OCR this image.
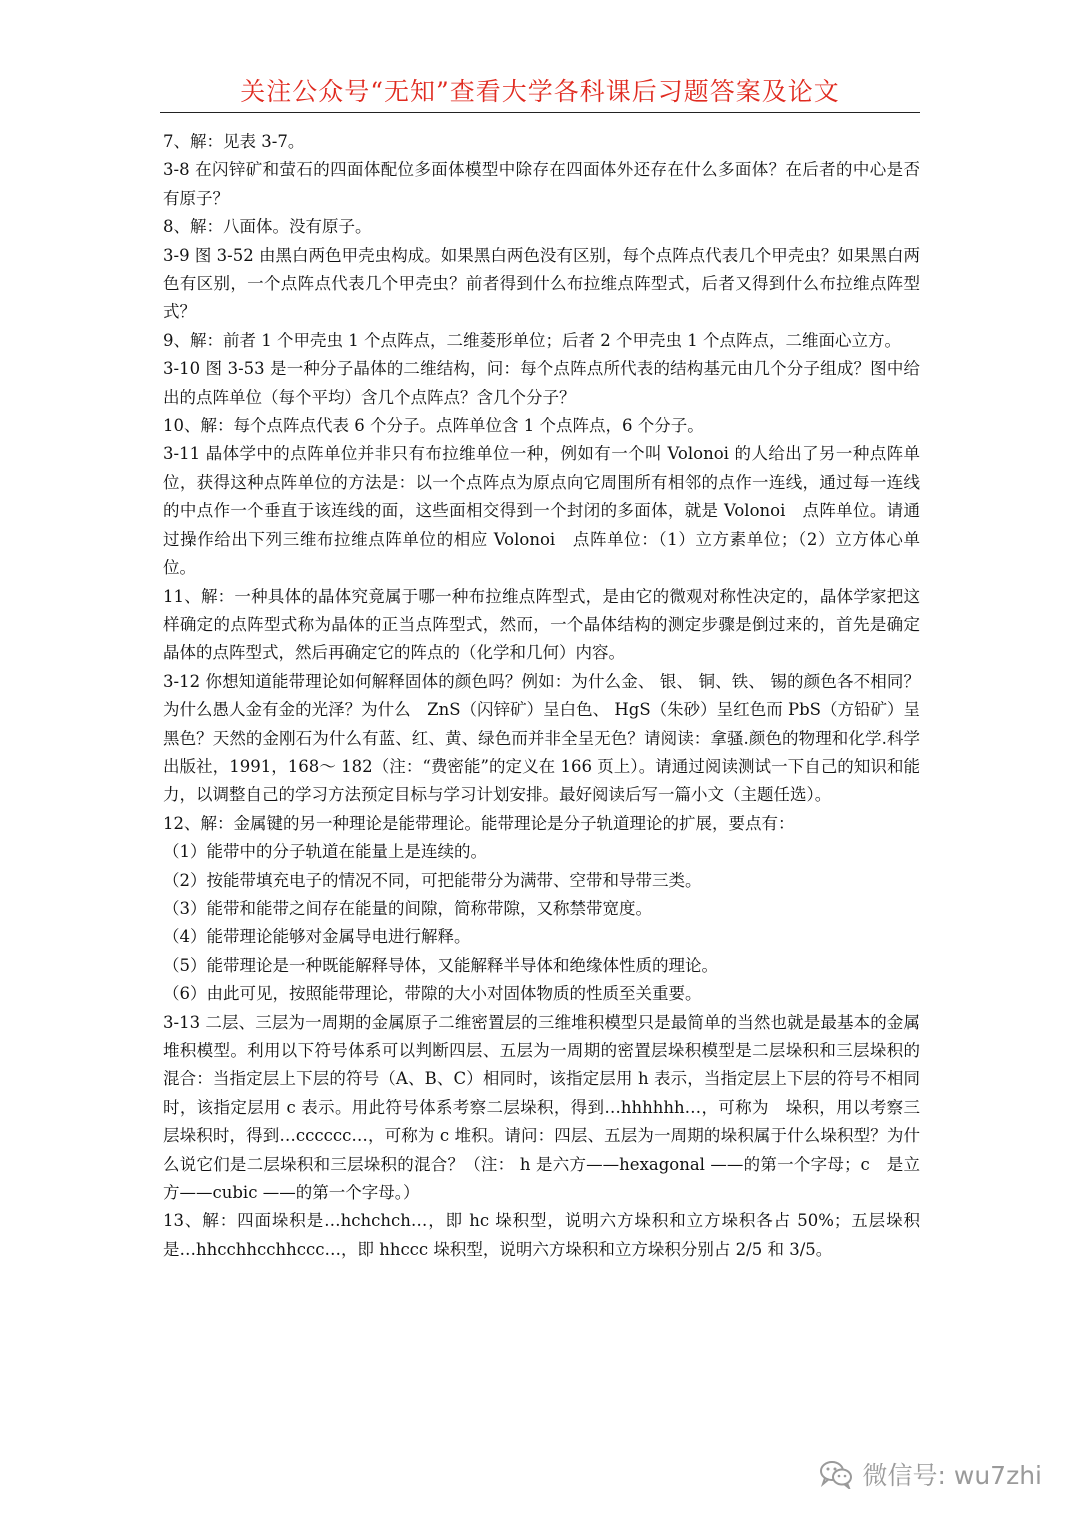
关注公众号“无知”查看大学各科课后习题答案及论文

7、解：见表 3-7。

3-8 在闪锌矿和萤石的四面体配位多面体模型中除存在四面体外还存在什么多面体？在后者的中心是否有原子？

8、解：八面体。没有原子。

3-9 图 3-52 由黑白两色甲壳虫构成。如果黑白两色没有区别，每个点阵点代表几个甲壳虫？如果黑白两色有区别，一个点阵点代表几个甲壳虫？前者得到什么布拉维点阵型式，后者又得到什么布拉维点阵型式？

9、解：前者 1 个甲壳虫 1 个点阵点，二维菱形单位；后者 2 个甲壳虫 1 个点阵点，二维面心立方。

3-10 图 3-53 是一种分子晶体的二维结构，问：每个点阵点所代表的结构基元由几个分子组成？图中给出的点阵单位（每个平均）含几个点阵点？含几个分子？

10、解：每个点阵点代表 6 个分子。点阵单位含 1 个点阵点，6 个分子。

3-11 晶体学中的点阵单位并非只有布拉维单位一种，例如有一个叫 Volonoi 的人给出了另一种点阵单位，获得这种点阵单位的方法是：以一个点阵点为原点向它周围所有相邻的点作一连线，通过每一连线的中点作一个垂直于该连线的面，这些面相交得到一个封闭的多面体，就是 Volonoi　点阵单位。请通过操作给出下列三维布拉维点阵单位的相应 Volonoi　点阵单位：（1）立方素单位；（2）立方体心单位。

11、解：一种具体的晶体究竟属于哪一种布拉维点阵型式，是由它的微观对称性决定的，晶体学家把这样确定的点阵型式称为晶体的正当点阵型式，然而，一个晶体结构的测定步骤是倒过来的，首先是确定晶体的点阵型式，然后再确定它的阵点的（化学和几何）内容。

3-12 你想知道能带理论如何解释固体的颜色吗？例如：为什么金、 银、 铜、铁、 锡的颜色各不相同？为什么愚人金有金的光泽？为什么　ZnS（闪锌矿）呈白色、 HgS（朱砂）呈红色而 PbS（方铅矿）呈黑色？天然的金刚石为什么有蓝、红、黄、绿色而并非全呈无色？请阅读：拿骚.颜色的物理和化学.科学出版社，1991，168～ 182（注：“费密能”的定义在 166 页上）。请通过阅读测试一下自己的知识和能力，以调整自己的学习方法预定目标与学习计划安排。最好阅读后写一篇小文（主题任选）。

12、解：金属键的另一种理论是能带理论。能带理论是分子轨道理论的扩展，要点有：

（1）能带中的分子轨道在能量上是连续的。

（2）按能带填充电子的情况不同，可把能带分为满带、空带和导带三类。

（3）能带和能带之间存在能量的间隙，简称带隙，又称禁带宽度。

（4）能带理论能够对金属导电进行解释。

（5）能带理论是一种既能解释导体，又能解释半导体和绝缘体性质的理论。

（6）由此可见，按照能带理论，带隙的大小对固体物质的性质至关重要。

3-13 二层、三层为一周期的金属原子二维密置层的三维堆积模型只是最简单的当然也就是最基本的金属堆积模型。利用以下符号体系可以判断四层、五层为一周期的密置层垛积模型是二层垛积和三层垛积的混合：当指定层上下层的符号（A、B、C）相同时，该指定层用 h 表示，当指定层上下层的符号不相同时，该指定层用 c 表示。用此符号体系考察二层垛积，得到…hhhhhh…，可称为　垛积，用以考察三层垛积时，得到…cccccc…，可称为 c 堆积。请问：四层、五层为一周期的垛积属于什么垛积型？为什么说它们是二层垛积和三层垛积的混合？（注： h 是六方——hexagonal ——的第一个字母；c　是立方——cubic ——的第一个字母。）

13、解：四面垛积是…hchchch…，即 hc 垛积型，说明六方垛积和立方垛积各占 50%；五层垛积是…hhcchhcchhccc…，即 hhccc 垛积型，说明六方垛积和立方垛积分别占 2/5 和 3/5。

微信号: wu7zhi
